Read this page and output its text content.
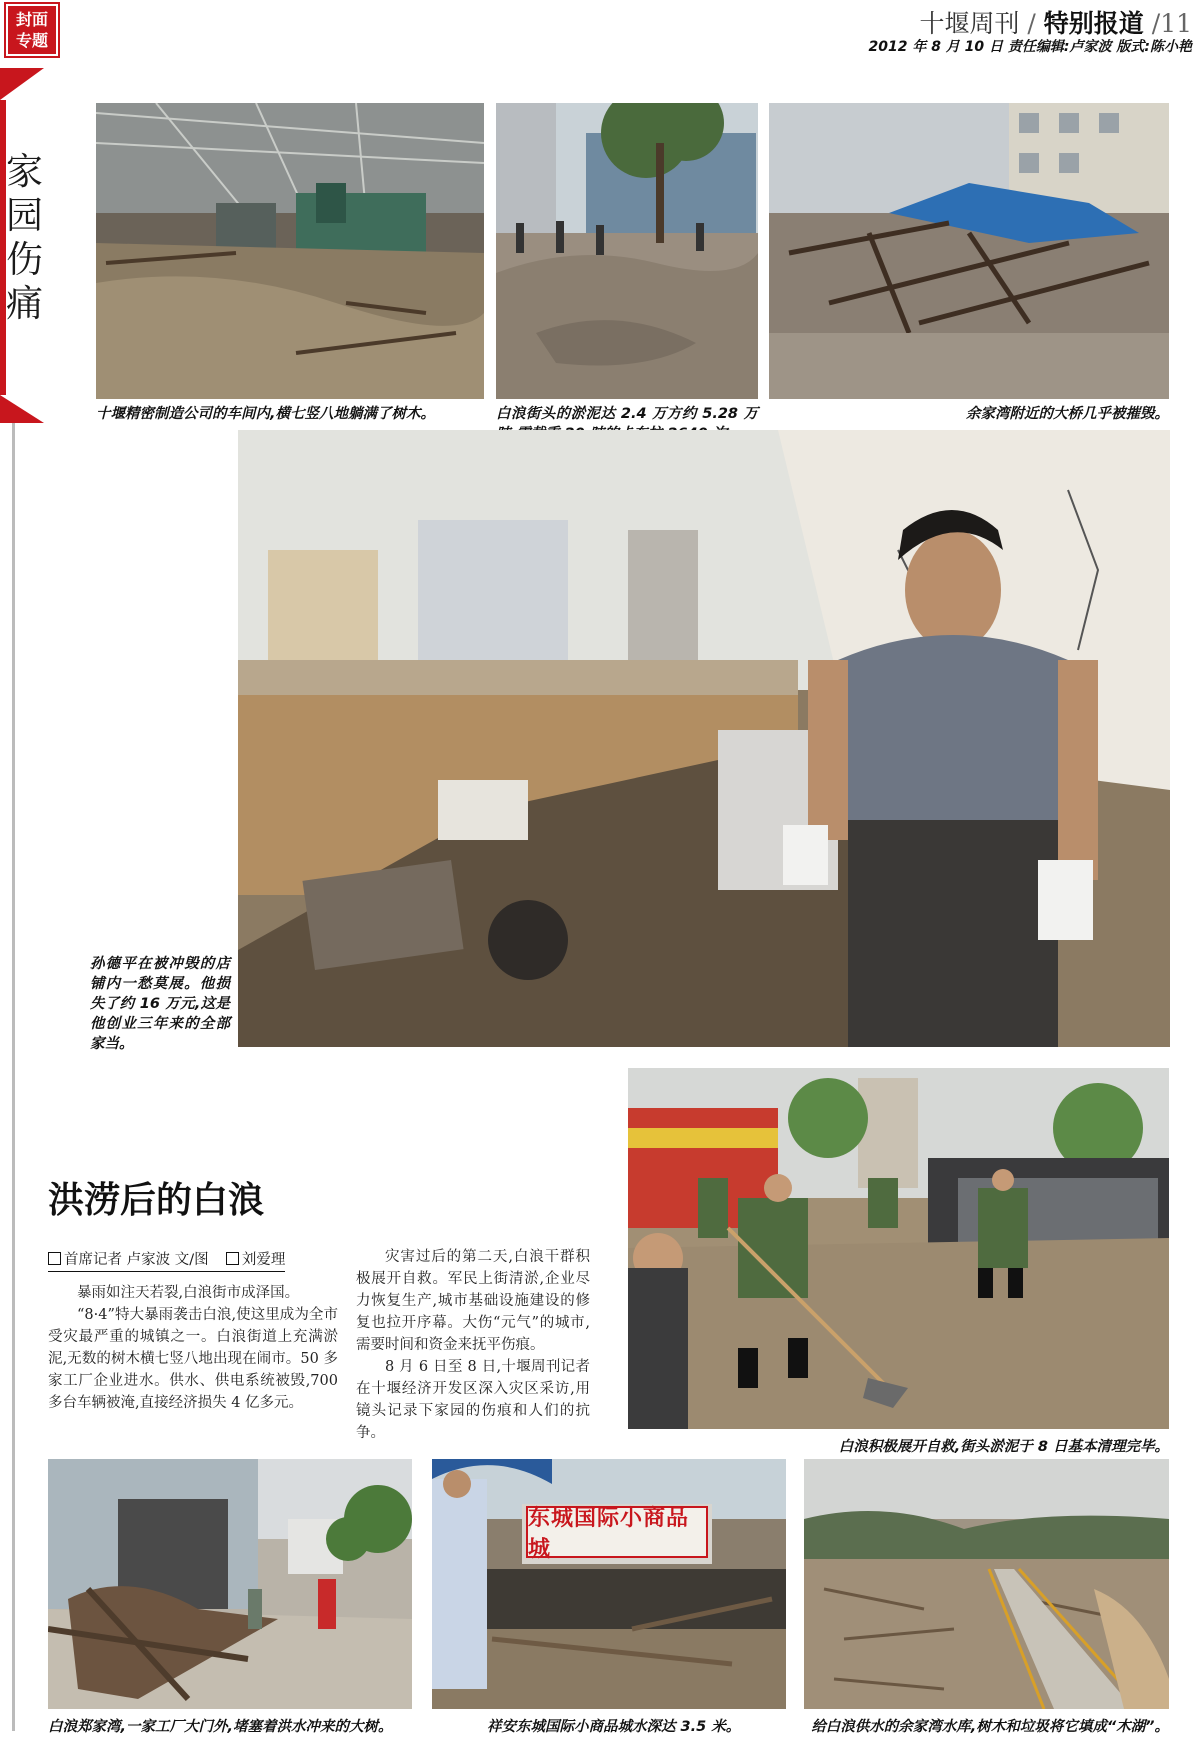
封面
专题
十堰周刊 / 特别报道 /11
2012 年 8 月 10 日 责任编辑:卢家波 版式:陈小艳
家
园
伤
痛
十堰精密制造公司的车间内,横七竖八地躺满了树木。	白浪街头的淤泥达 2.4 万方约 5.28 万	余家湾附近的大桥几乎被摧毁。
孙德平在被冲毁的店铺内一愁莫展。他损失了约 16 万元,这是他创业三年来的全部家当。
洪涝后的白浪
首席记者 卢家波 文/图 刘爱理

暴雨如注天若裂,白浪街市成泽国。

“8·4”特大暴雨袭击白浪,使这里成为全市受灾最严重的城镇之一。白浪街道上充满淤泥,无数的树木横七竖八地出现在闹市。50 多家工厂企业进水。供水、供电系统被毁,700 多台车辆被淹,直接经济损失 4 亿多元。

灾害过后的第二天,白浪干群积极展开自救。军民上街清淤,企业尽力恢复生产,城市基础设施建设的修复也拉开序幕。大伤“元气”的城市,需要时间和资金来抚平伤痕。

8 月 6 日至 8 日,十堰周刊记者在十堰经济开发区深入灾区采访,用镜头记录下家园的伤痕和人们的抗争。

白浪积极展开自救,街头淤泥于 8 日基本清理完毕。
白浪郑家湾,一家工厂大门外,堵塞着洪水冲来的大树。
东城国际小商品城
祥安东城国际小商品城水深达 3.5 米。	给白浪供水的余家湾水库,树木和垃圾将它填成“木湖”。
